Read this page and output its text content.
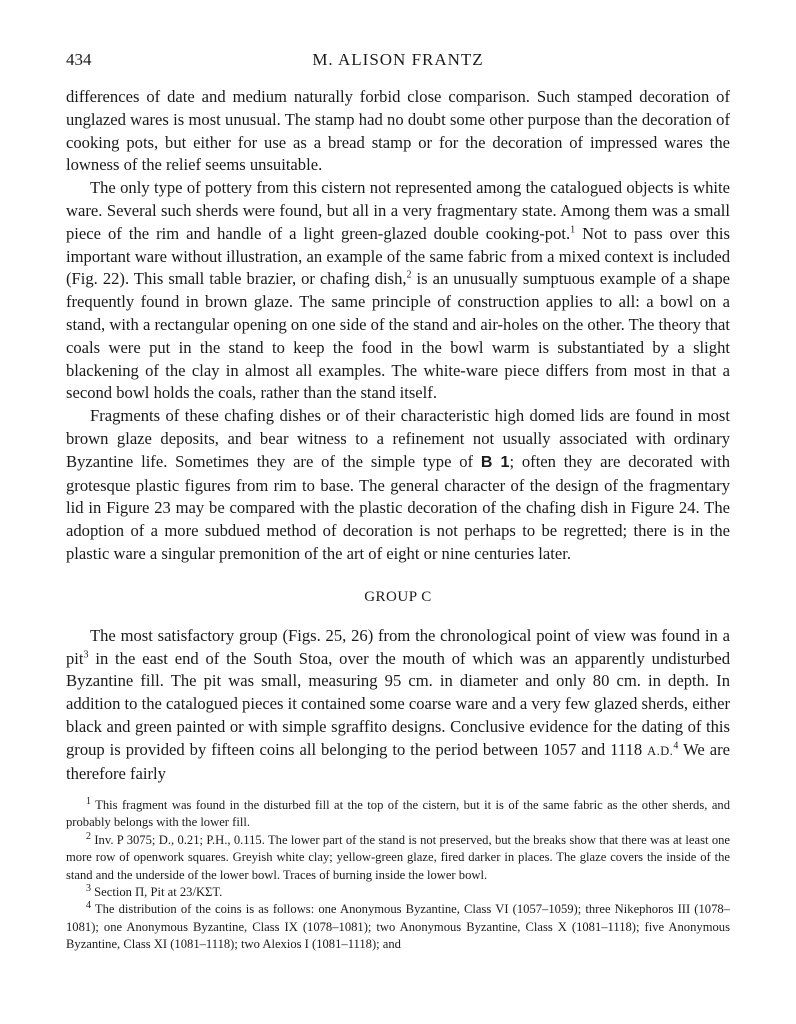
434	M. ALISON FRANTZ

differences of date and medium naturally forbid close comparison. Such stamped decoration of unglazed wares is most unusual. The stamp had no doubt some other purpose than the decoration of cooking pots, but either for use as a bread stamp or for the decoration of impressed wares the lowness of the relief seems unsuitable.

The only type of pottery from this cistern not represented among the catalogued objects is white ware. Several such sherds were found, but all in a very fragmentary state. Among them was a small piece of the rim and handle of a light green-glazed double cooking-pot.$^1$ Not to pass over this important ware without illustration, an example of the same fabric from a mixed context is included (Fig. 22). This small table brazier, or chafing dish,$^2$ is an unusually sumptuous example of a shape frequently found in brown glaze. The same principle of construction applies to all: a bowl on a stand, with a rectangular opening on one side of the stand and air-holes on the other. The theory that coals were put in the stand to keep the food in the bowl warm is substantiated by a slight blackening of the clay in almost all examples. The white-ware piece differs from most in that a second bowl holds the coals, rather than the stand itself.

Fragments of these chafing dishes or of their characteristic high domed lids are found in most brown glaze deposits, and bear witness to a refinement not usually associated with ordinary Byzantine life. Sometimes they are of the simple type of B 1; often they are decorated with grotesque plastic figures from rim to base. The general character of the design of the fragmentary lid in Figure 23 may be compared with the plastic decoration of the chafing dish in Figure 24. The adoption of a more subdued method of decoration is not perhaps to be regretted; there is in the plastic ware a singular premonition of the art of eight or nine centuries later.

GROUP C

The most satisfactory group (Figs. 25, 26) from the chronological point of view was found in a pit$^3$ in the east end of the South Stoa, over the mouth of which was an apparently undisturbed Byzantine fill. The pit was small, measuring 95 cm. in diameter and only 80 cm. in depth. In addition to the catalogued pieces it contained some coarse ware and a very few glazed sherds, either black and green painted or with simple sgraffito designs. Conclusive evidence for the dating of this group is provided by fifteen coins all belonging to the period between 1057 and 1118 A.D.$^4$ We are therefore fairly

$^1$ This fragment was found in the disturbed fill at the top of the cistern, but it is of the same fabric as the other sherds, and probably belongs with the lower fill.

$^2$ Inv. P 3075; D., 0.21; P.H., 0.115. The lower part of the stand is not preserved, but the breaks show that there was at least one more row of openwork squares. Greyish white clay; yellow-green glaze, fired darker in places. The glaze covers the inside of the stand and the underside of the lower bowl. Traces of burning inside the lower bowl.

$^3$ Section Π, Pit at 23/ΚΣΤ.

$^4$ The distribution of the coins is as follows: one Anonymous Byzantine, Class VI (1057–1059); three Nikephoros III (1078–1081); one Anonymous Byzantine, Class IX (1078–1081); two Anonymous Byzantine, Class X (1081–1118); five Anonymous Byzantine, Class XI (1081–1118); two Alexios I (1081–1118); and
